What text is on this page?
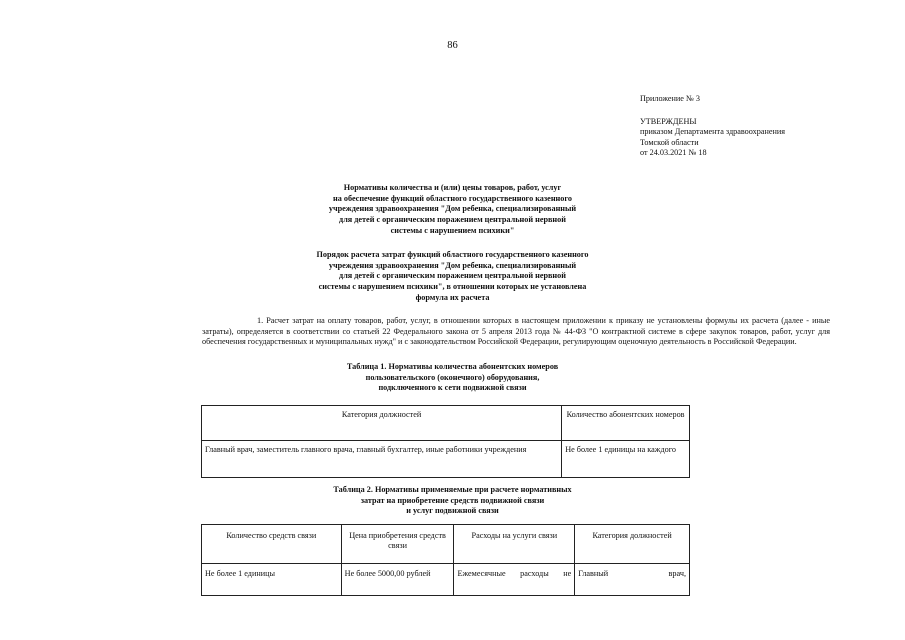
86
Приложение № 3
УТВЕРЖДЕНЫ
приказом Департамента здравоохранения
Томской области
от 24.03.2021 № 18
Нормативы количества и (или) цены товаров, работ, услуг
на обеспечение функций областного государственного казенного
учреждения здравоохранения "Дом ребенка, специализированный
для детей с органическим поражением центральной нервной
системы с нарушением психики"
Порядок расчета затрат функций областного государственного казенного
учреждения здравоохранения "Дом ребенка, специализированный
для детей с органическим поражением центральной нервной
системы с нарушением психики", в отношении которых не установлена
формула их расчета
1. Расчет затрат на оплату товаров, работ, услуг, в отношении которых в настоящем приложении к приказу не установлены формулы их расчета (далее - иные затраты), определяется в соответствии со статьей 22 Федерального закона от 5 апреля 2013 года № 44-ФЗ "О контрактной системе в сфере закупок товаров, работ, услуг для обеспечения государственных и муниципальных нужд" и с законодательством Российской Федерации, регулирующим оценочную деятельность в Российской Федерации.
Таблица 1. Нормативы количества абонентских номеров
пользовательского (оконечного) оборудования,
подключенного к сети подвижной связи
Категория должностей	Количество абонентских номеров
Главный врач, заместитель главного врача, главный бухгалтер, иные работники учреждения	Не более 1 единицы на каждого
Таблица 2. Нормативы применяемые при расчете нормативных
затрат на приобретение средств подвижной связи
и услуг подвижной связи
Количество средств связи	Цена приобретения средств связи	Расходы на услуги связи	Категория должностей
Не более 1 единицы	Не более 5000,00 рублей	Ежемесячные расходы не	Главный врач,
